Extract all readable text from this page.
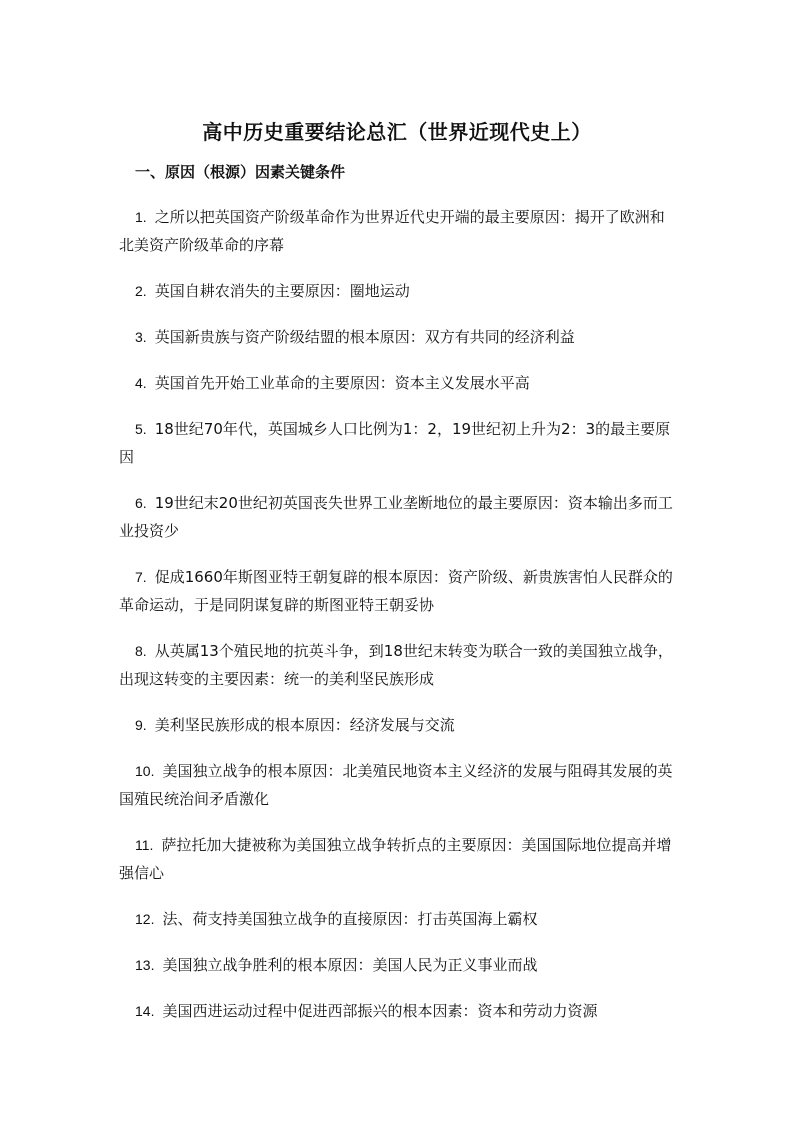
高中历史重要结论总汇（世界近现代史上）
一、原因（根源）因素关键条件
1. 之所以把英国资产阶级革命作为世界近代史开端的最主要原因：揭开了欧洲和北美资产阶级革命的序幕
2. 英国自耕农消失的主要原因：圈地运动
3. 英国新贵族与资产阶级结盟的根本原因：双方有共同的经济利益
4. 英国首先开始工业革命的主要原因：资本主义发展水平高
5. 18世纪70年代，英国城乡人口比例为1：2，19世纪初上升为2：3的最主要原因
6. 19世纪末20世纪初英国丧失世界工业垄断地位的最主要原因：资本输出多而工业投资少
7. 促成1660年斯图亚特王朝复辟的根本原因：资产阶级、新贵族害怕人民群众的革命运动，于是同阴谋复辟的斯图亚特王朝妥协
8. 从英属13个殖民地的抗英斗争，到18世纪末转变为联合一致的美国独立战争，出现这转变的主要因素：统一的美利坚民族形成
9. 美利坚民族形成的根本原因：经济发展与交流
10. 美国独立战争的根本原因：北美殖民地资本主义经济的发展与阻碍其发展的英国殖民统治间矛盾激化
11. 萨拉托加大捷被称为美国独立战争转折点的主要原因：美国国际地位提高并增强信心
12. 法、荷支持美国独立战争的直接原因：打击英国海上霸权
13. 美国独立战争胜利的根本原因：美国人民为正义事业而战
14. 美国西进运动过程中促进西部振兴的根本因素：资本和劳动力资源
